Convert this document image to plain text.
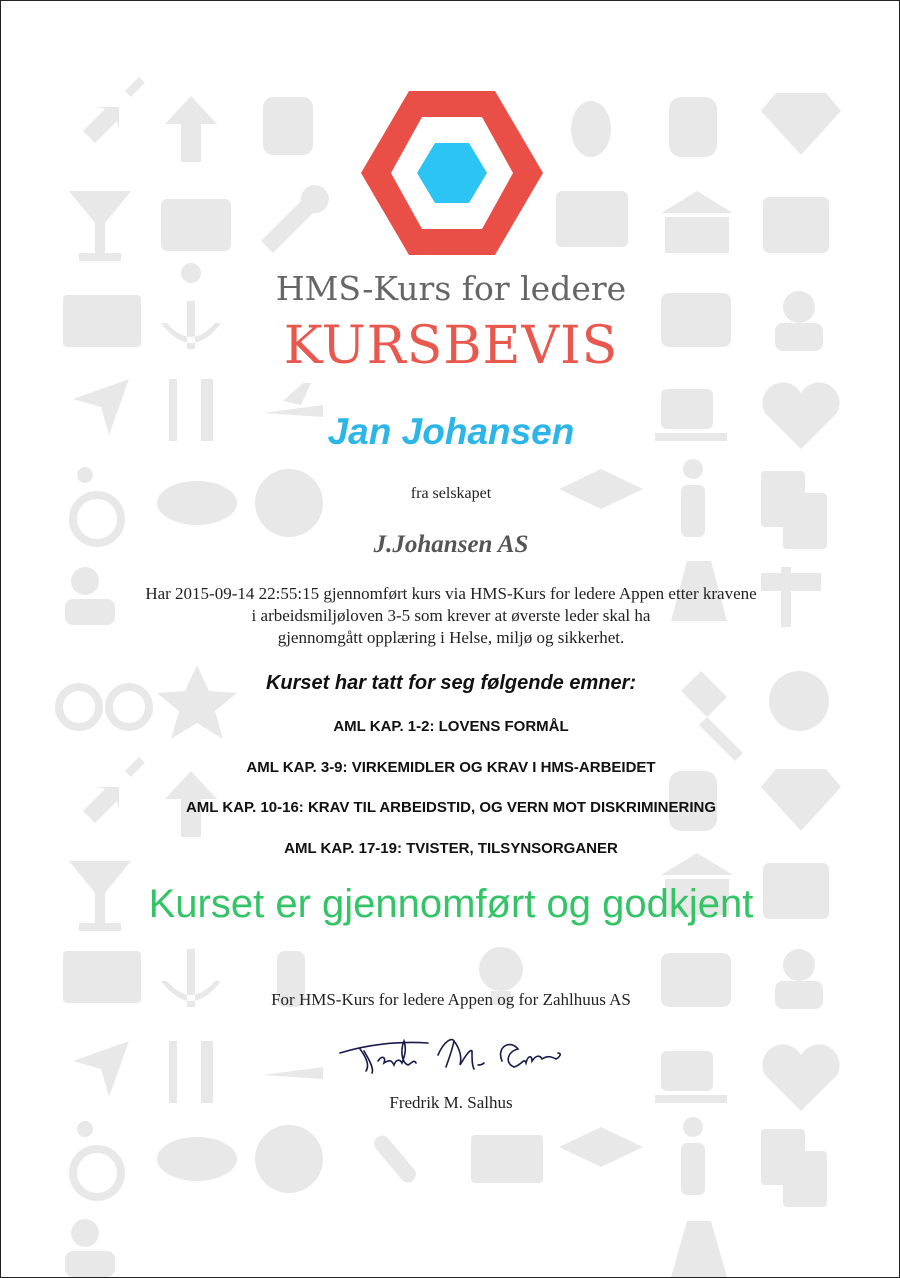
HMS-Kurs for ledere
KURSBEVIS
Jan Johansen
fra selskapet
J.Johansen AS
Har 2015-09-14 22:55:15 gjennomført kurs via HMS-Kurs for ledere Appen etter kravene
i arbeidsmiljøloven 3-5 som krever at øverste leder skal ha
gjennomgått opplæring i Helse, miljø og sikkerhet.
Kurset har tatt for seg følgende emner:
AML KAP. 1-2: LOVENS FORMÅL
AML KAP. 3-9: VIRKEMIDLER OG KRAV I HMS-ARBEIDET
AML KAP. 10-16: KRAV TIL ARBEIDSTID, OG VERN MOT DISKRIMINERING
AML KAP. 17-19: TVISTER, TILSYNSORGANER
Kurset er gjennomført og godkjent
For HMS-Kurs for ledere Appen og for Zahlhuus AS
Fredrik M. Salhus
